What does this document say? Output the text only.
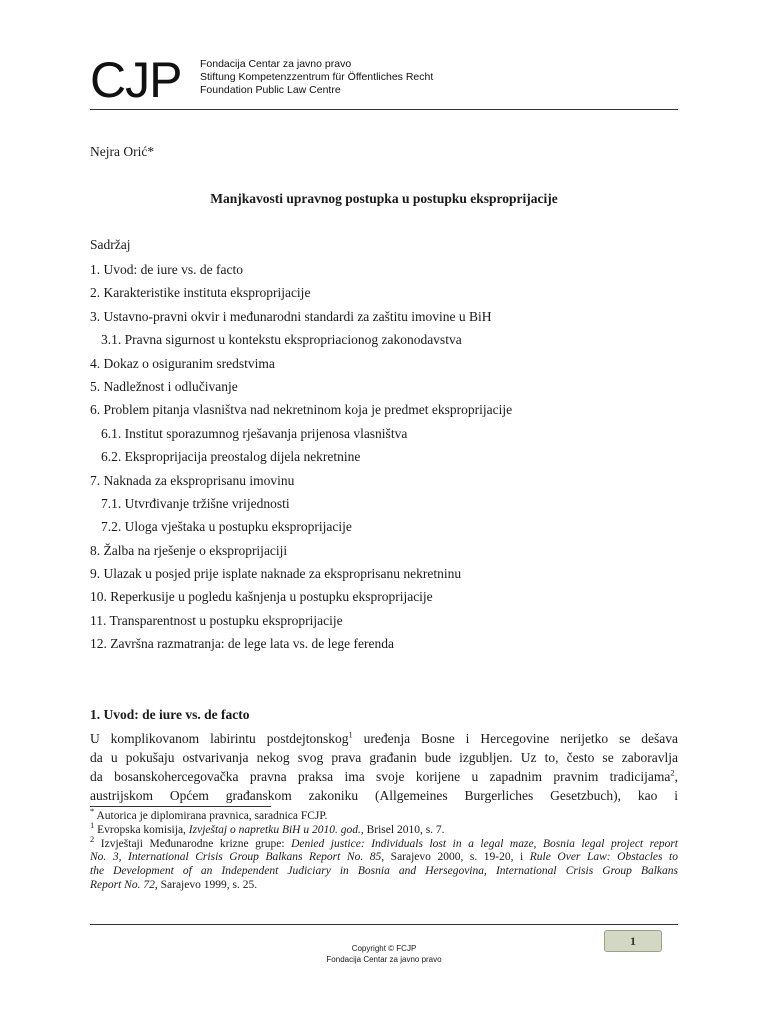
CJP Fondacija Centar za javno pravo
Stiftung Kompetenzzentrum für Öffentliches Recht
Foundation Public Law Centre
Nejra Orić*
Manjkavosti upravnog postupka u postupku eksproprijacije
Sadržaj
1. Uvod: de iure vs. de facto
2. Karakteristike instituta eksproprijacije
3. Ustavno-pravni okvir i međunarodni standardi za zaštitu imovine u BiH
3.1. Pravna sigurnost u kontekstu ekspropriacionog zakonodavstva
4. Dokaz o osiguranim sredstvima
5. Nadležnost i odlučivanje
6. Problem pitanja vlasništva nad nekretninom koja je predmet eksproprijacije
6.1. Institut sporazumnog rješavanja prijenosa vlasništva
6.2. Eksproprijacija preostalog dijela nekretnine
7. Naknada za eksproprisanu imovinu
7.1. Utvrđivanje tržišne vrijednosti
7.2. Uloga vještaka u postupku eksproprijacije
8. Žalba na rješenje o eksproprijaciji
9. Ulazak u posjed prije isplate naknade za eksproprisanu nekretninu
10. Reperkusije u pogledu kašnjenja u postupku eksproprijacije
11. Transparentnost u postupku eksproprijacije
12. Završna razmatranja: de lege lata vs. de lege ferenda
1. Uvod: de iure vs. de facto
U komplikovanom labirintu postdejtonskog$^1$ uređenja Bosne i Hercegovine nerijetko se dešava
da u pokušaju ostvarivanja nekog svog prava građanin bude izgubljen. Uz to, često se zaboravlja
da bosanskohercegovačka pravna praksa ima svoje korijene u zapadnim pravnim tradicijama$^2$,
austrijskom Općem građanskom zakoniku (Allgemeines Burgerliches Gesetzbuch), kao i

* Autorica je diplomirana pravnica, saradnica FCJP.

$^1$ Evropska komisija, Izvještaj o napretku BiH u 2010. god., Brisel 2010, s. 7.

$^2$ Izvještaji Međunarodne krizne grupe: Denied justice: Individuals lost in a legal maze, Bosnia legal project report
No. 3, International Crisis Group Balkans Report No. 85, Sarajevo 2000, s. 19-20, i Rule Over Law: Obstacles to
the Development of an Independent Judiciary in Bosnia and Hersegovina, International Crisis Group Balkans

Report No. 72, Sarajevo 1999, s. 25.

1
Copyright © FCJP
Fondacija Centar za javno pravo
